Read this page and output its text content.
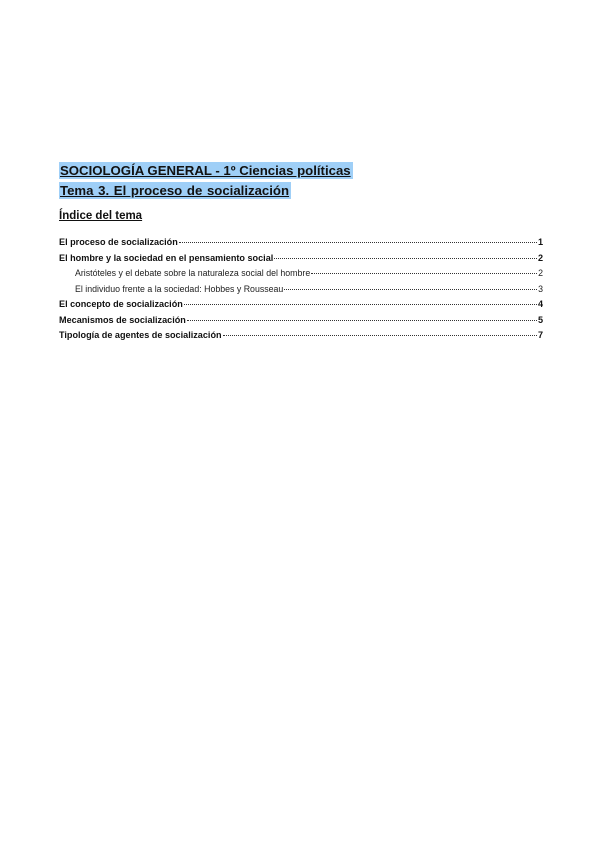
SOCIOLOGÍA GENERAL - 1º Ciencias políticas
Tema 3. El proceso de socialización
Índice del tema
El proceso de socialización	1
El hombre y la sociedad en el pensamiento social	2
Aristóteles y el debate sobre la naturaleza social del hombre	2
El individuo frente a la sociedad: Hobbes y Rousseau	3
El concepto de socialización	4
Mecanismos de socialización	5
Tipología de agentes de socialización	7
